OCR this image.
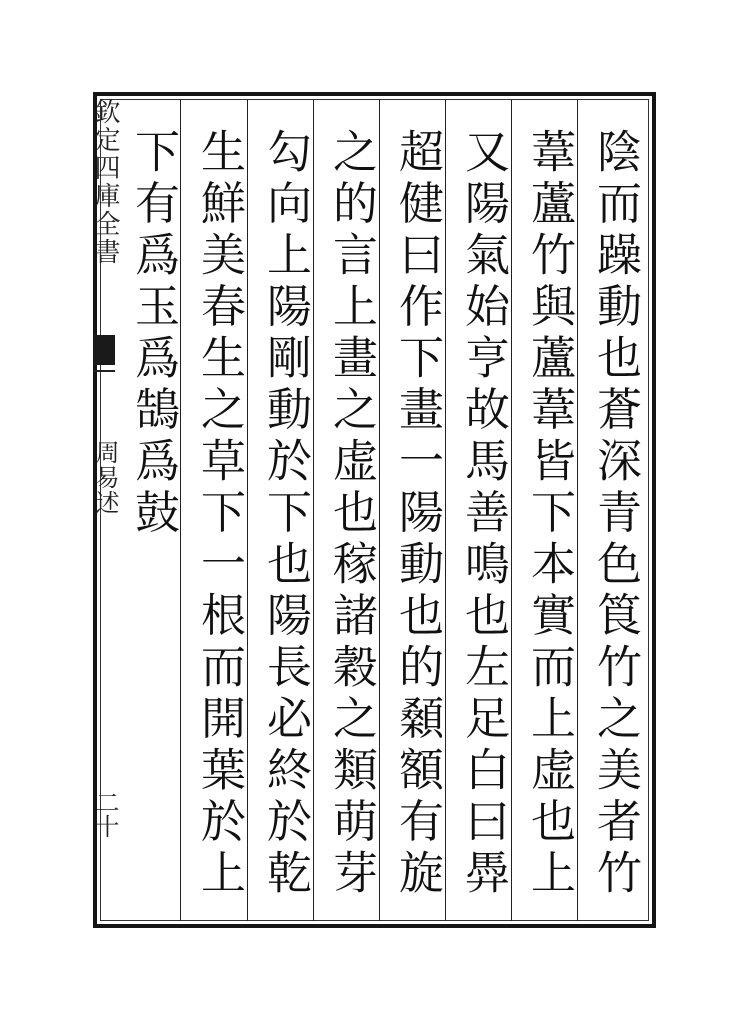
欽定四庫全書
周易述
二十
陰而躁動也蒼深青色筤竹之美者竹
葦蘆竹與蘆葦皆下本實而上虚也上
又陽氣始亨故馬善鳴也左足白曰馵
超健曰作下畫一陽動也的顙額有旋
之的言上畫之虚也稼諸穀之類萌芽
勾向上陽剛動於下也陽長必終於乾
生鮮美春生之草下一根而開葉於上
下有爲玉爲鵠爲鼓
